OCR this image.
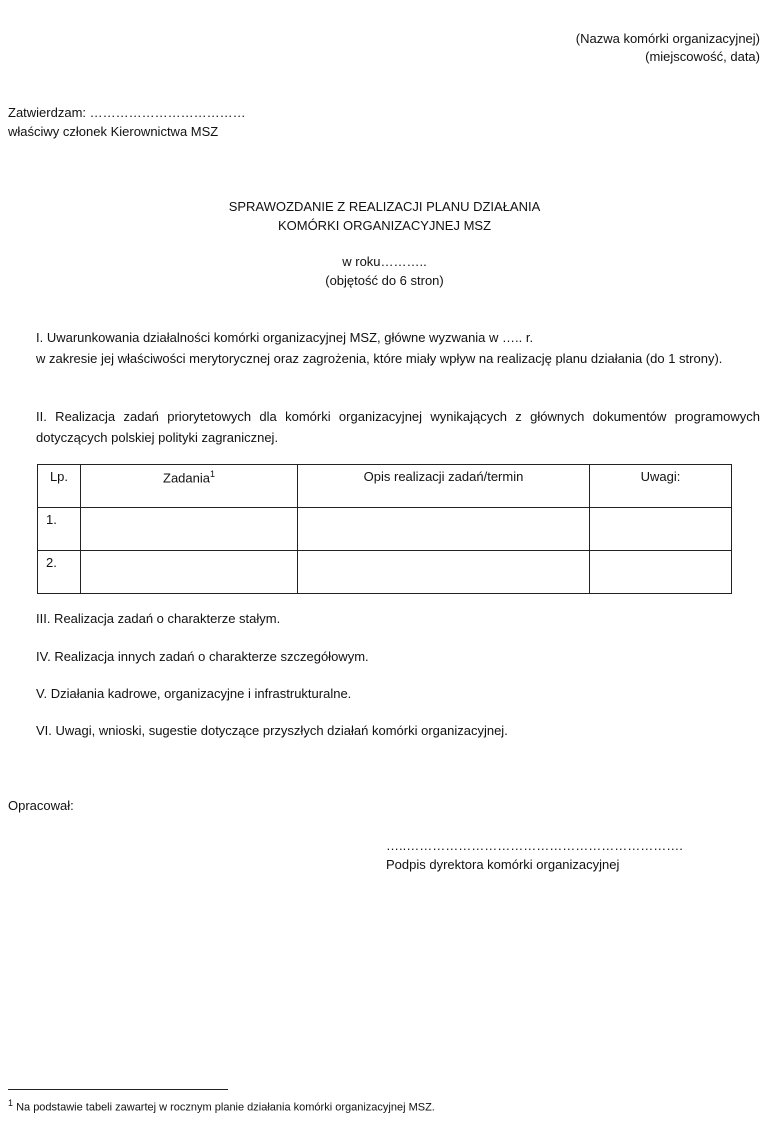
(Nazwa komórki organizacyjnej)
(miejscowość, data)
Zatwierdzam: ………………………………
właściwy członek Kierownictwa MSZ
SPRAWOZDANIE Z REALIZACJI PLANU DZIAŁANIA
KOMÓRKI ORGANIZACYJNEJ MSZ
w roku………..
(objętość do 6 stron)
I. Uwarunkowania działalności komórki organizacyjnej MSZ, główne wyzwania w ….. r.
w zakresie jej właściwości merytorycznej oraz zagrożenia, które miały wpływ na realizację planu działania (do 1 strony).
II. Realizacja zadań priorytetowych dla komórki organizacyjnej wynikających z głównych dokumentów programowych dotyczących polskiej polityki zagranicznej.
Lp.	Zadania$^1$	Opis realizacji zadań/termin	Uwagi:
1.			
2.			
III. Realizacja zadań o charakterze stałym.
IV. Realizacja innych zadań o charakterze szczegółowym.
V. Działania kadrowe, organizacyjne i infrastrukturalne.
VI. Uwagi, wnioski, sugestie dotyczące przyszłych działań komórki organizacyjnej.
Opracował:
…..……………………………………………………….
Podpis dyrektora komórki organizacyjnej
$^1$ Na podstawie tabeli zawartej w rocznym planie działania komórki organizacyjnej MSZ.
